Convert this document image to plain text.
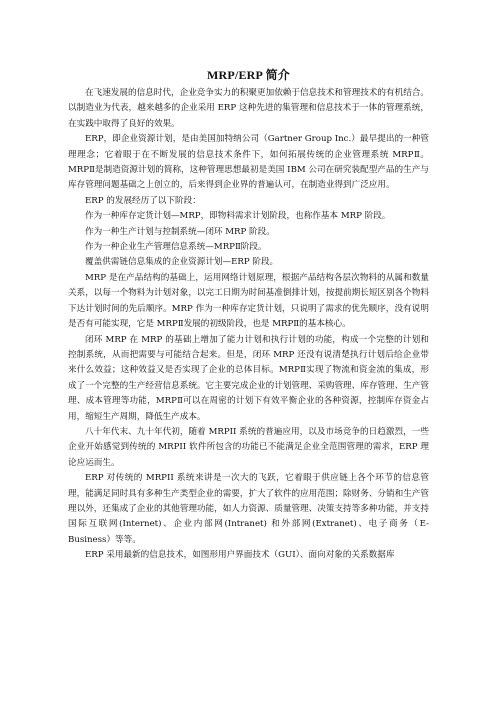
MRP/ERP 简介

在飞速发展的信息时代，企业竞争实力的积聚更加依赖于信息技术和管理技术的有机结合。以制造业为代表，越来越多的企业采用 ERP 这种先进的集管理和信息技术于一体的管理系统，在实践中取得了良好的效果。

ERP，即企业资源计划，是由美国加特纳公司（Gartner Group Inc.）最早提出的一种管理理念；它着眼于在不断发展的信息技术条件下，如何拓展传统的企业管理系统 MRPⅡ。MRPⅡ是制造资源计划的简称，这种管理思想最初是美国 IBM 公司在研究装配型产品的生产与库存管理问题基础之上创立的，后来得到企业界的普遍认可，在制造业得到广泛应用。

ERP 的发展经历了以下阶段：

作为一种库存定货计划—MRP，即物料需求计划阶段，也称作基本 MRP 阶段。

作为一种生产计划与控制系统—闭环 MRP 阶段。

作为一种企业生产管理信息系统—MRPⅡ阶段。

覆盖供需链信息集成的企业资源计划—ERP 阶段。

MRP 是在产品结构的基础上，运用网络计划原理，根据产品结构各层次物料的从属和数量关系，以每一个物料为计划对象，以完工日期为时间基准倒排计划，按提前期长短区别各个物料下达计划时间的先后顺序。MRP 作为一种库存定货计划，只说明了需求的优先顺序，没有说明是否有可能实现，它是 MRPⅡ发展的初级阶段，也是 MRPⅡ的基本核心。

闭环 MRP 在 MRP 的基础上增加了能力计划和执行计划的功能，构成一个完整的计划和控制系统，从而把需要与可能结合起来。但是，闭环 MRP 还没有说清楚执行计划后给企业带来什么效益；这种效益又是否实现了企业的总体目标。MRPⅡ实现了物流和资金流的集成，形成了一个完整的生产经营信息系统。它主要完成企业的计划管理、采购管理、库存管理、生产管理、成本管理等功能，MRPⅡ可以在周密的计划下有效平衡企业的各种资源，控制库存资金占用，缩短生产周期，降低生产成本。

八十年代末、九十年代初，随着 MRPII 系统的普遍应用，以及市场竞争的日趋激烈，一些企业开始感觉到传统的 MRPII 软件所包含的功能已不能满足企业全范围管理的需求，ERP 理论应运而生。

ERP 对传统的 MRPII 系统来讲是一次大的飞跃，它着眼于供应链上各个环节的信息管理，能满足同时具有多种生产类型企业的需要，扩大了软件的应用范围；除财务、分销和生产管理以外，还集成了企业的其他管理功能，如人力资源、质量管理、决策支持等多种功能，并支持国际互联网(Internet)、企业内部网(Intranet) 和外部网(Extranet)、电子商务（E- Business）等等。

ERP 采用最新的信息技术，如图形用户界面技术（GUI）、面向对象的关系数据库
